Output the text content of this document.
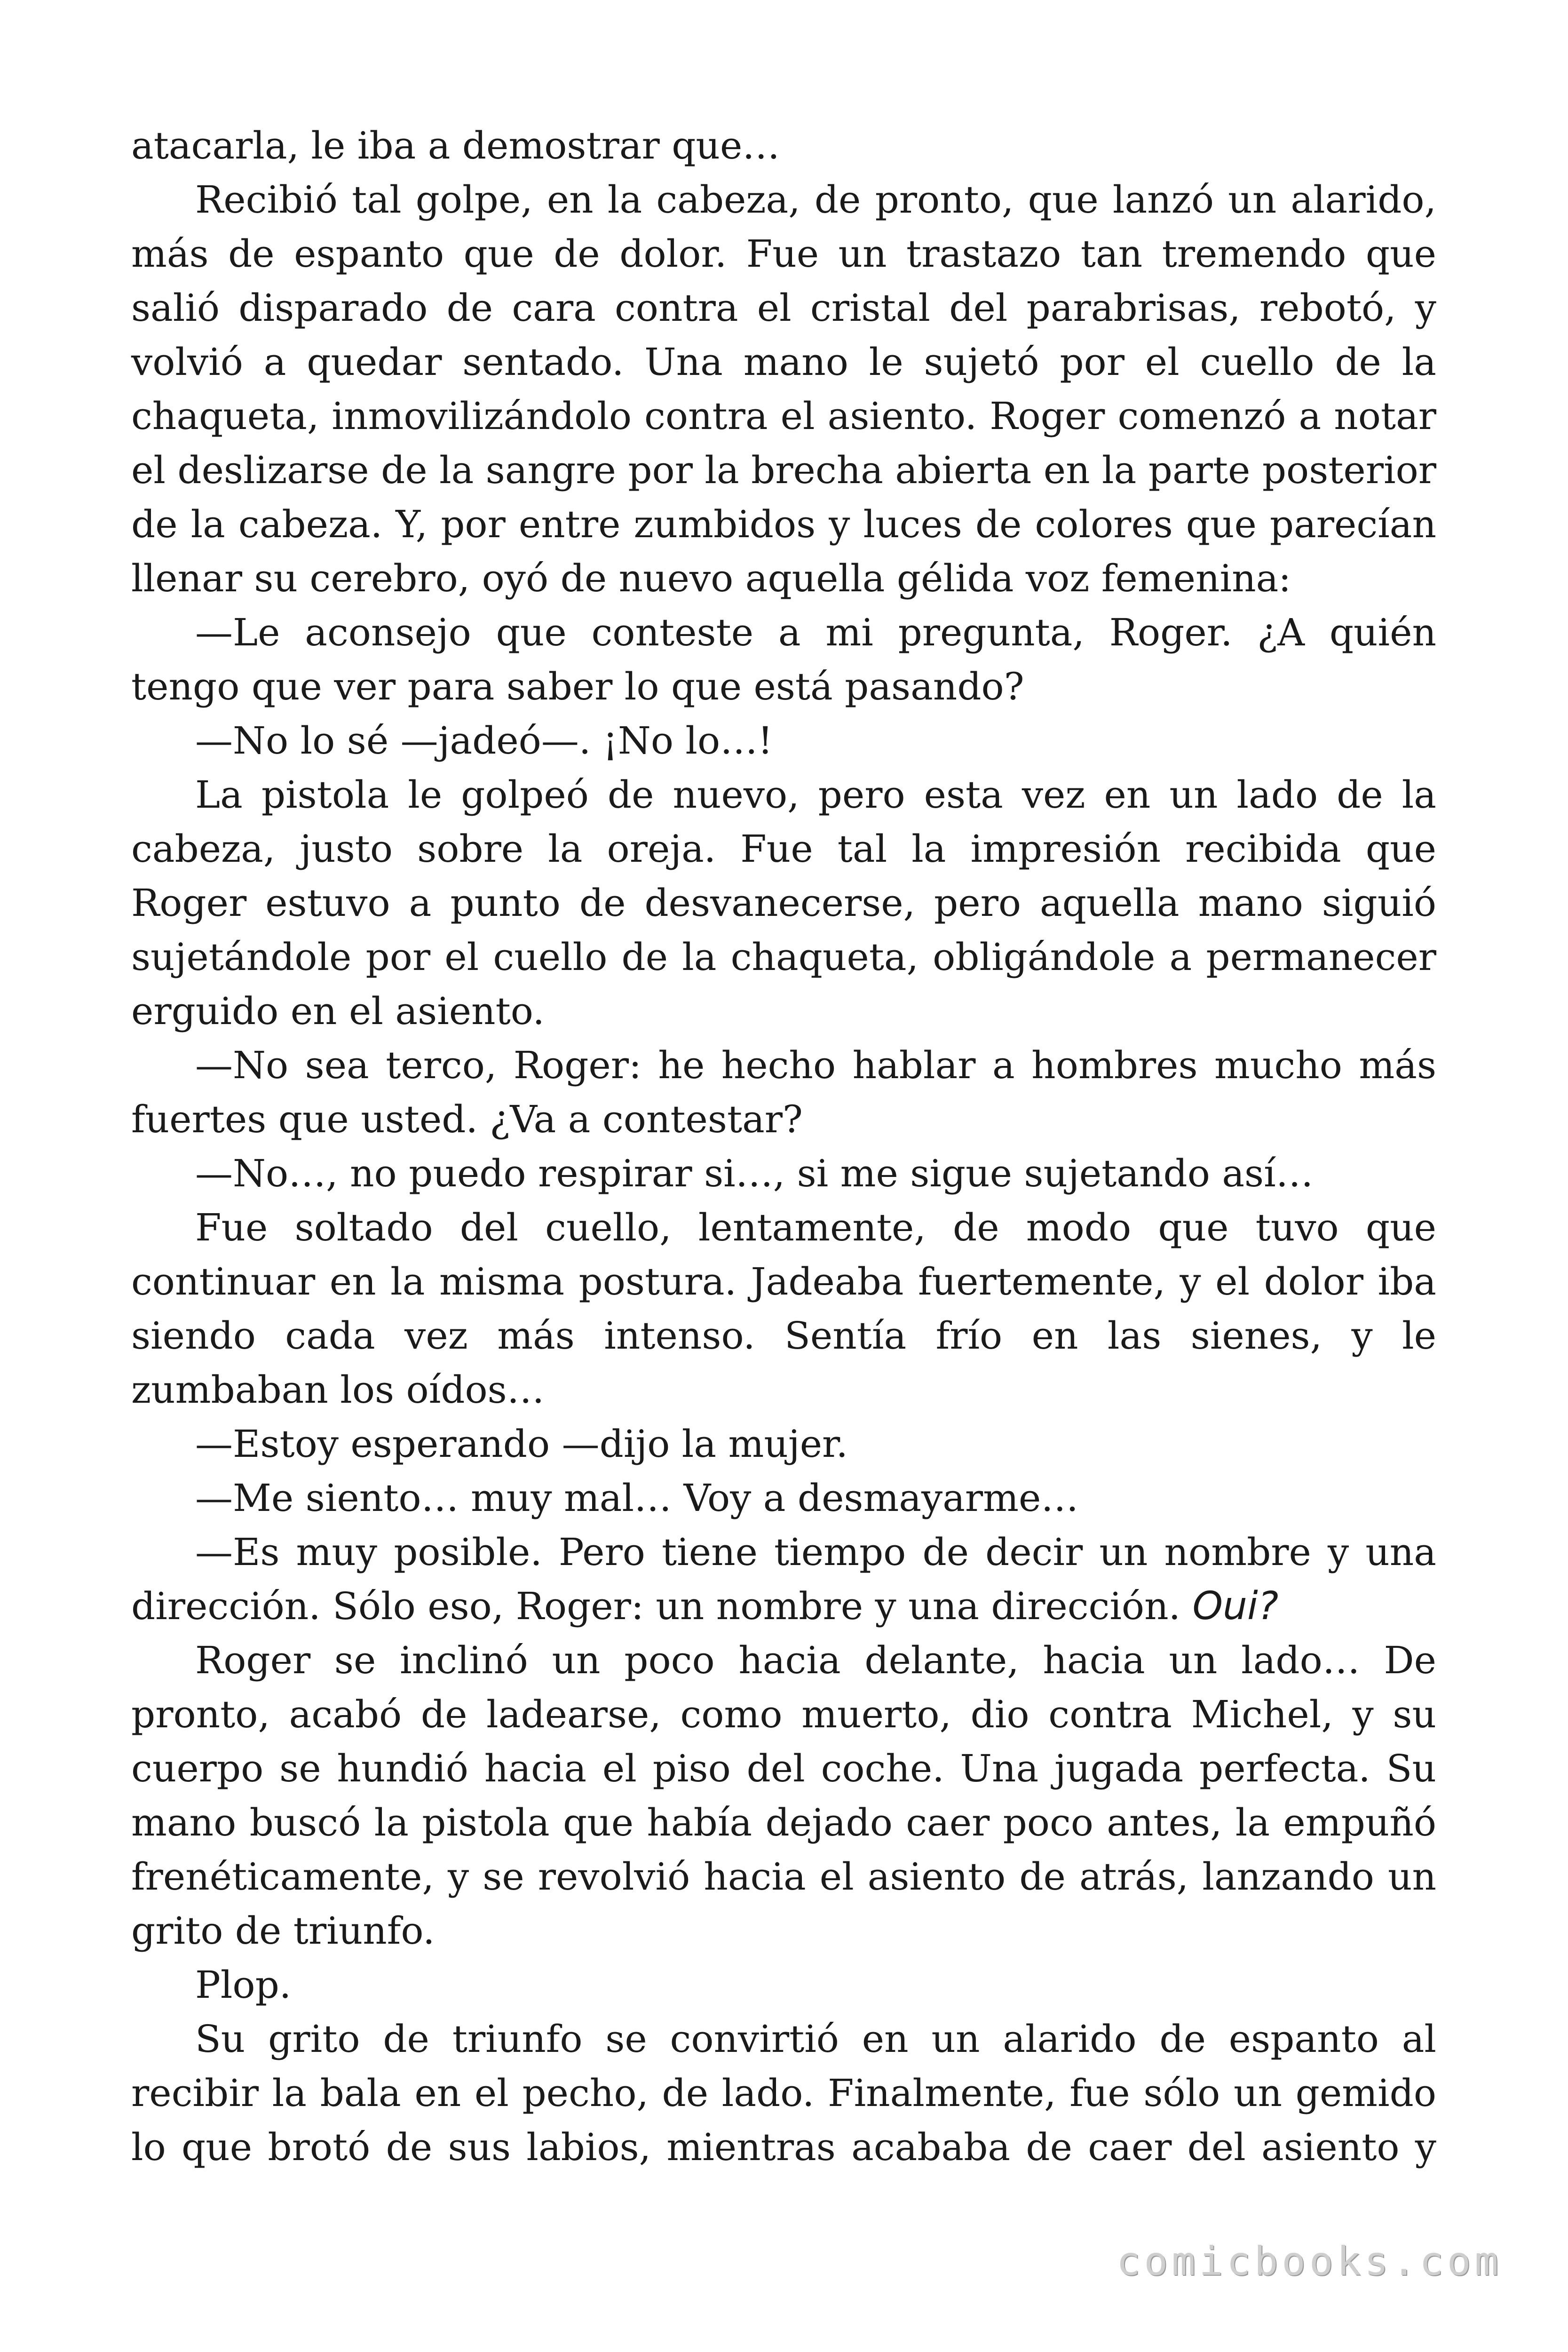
atacarla, le iba a demostrar que…

Recibió tal golpe, en la cabeza, de pronto, que lanzó un alarido, más de espanto que de dolor. Fue un trastazo tan tremendo que salió disparado de cara contra el cristal del parabrisas, rebotó, y volvió a quedar sentado. Una mano le sujetó por el cuello de la chaqueta, inmovilizándolo contra el asiento. Roger comenzó a notar el deslizarse de la sangre por la brecha abierta en la parte posterior de la cabeza. Y, por entre zumbidos y luces de colores que parecían llenar su cerebro, oyó de nuevo aquella gélida voz femenina:

—Le aconsejo que conteste a mi pregunta, Roger. ¿A quién tengo que ver para saber lo que está pasando?

—No lo sé —jadeó—. ¡No lo…!

La pistola le golpeó de nuevo, pero esta vez en un lado de la cabeza, justo sobre la oreja. Fue tal la impresión recibida que Roger estuvo a punto de desvanecerse, pero aquella mano siguió sujetándole por el cuello de la chaqueta, obligándole a permanecer erguido en el asiento.

—No sea terco, Roger: he hecho hablar a hombres mucho más fuertes que usted. ¿Va a contestar?

—No…, no puedo respirar si…, si me sigue sujetando así…

Fue soltado del cuello, lentamente, de modo que tuvo que continuar en la misma postura. Jadeaba fuertemente, y el dolor iba siendo cada vez más intenso. Sentía frío en las sienes, y le zumbaban los oídos…

—Estoy esperando —dijo la mujer.

—Me siento… muy mal… Voy a desmayarme…

—Es muy posible. Pero tiene tiempo de decir un nombre y una dirección. Sólo eso, Roger: un nombre y una dirección. Oui?

Roger se inclinó un poco hacia delante, hacia un lado… De pronto, acabó de ladearse, como muerto, dio contra Michel, y su cuerpo se hundió hacia el piso del coche. Una jugada perfecta. Su mano buscó la pistola que había dejado caer poco antes, la empuñó frenéticamente, y se revolvió hacia el asiento de atrás, lanzando un grito de triunfo.

Plop.

Su grito de triunfo se convirtió en un alarido de espanto al recibir la bala en el pecho, de lado. Finalmente, fue sólo un gemido lo que brotó de sus labios, mientras acababa de caer del asiento y

comicbooks.com
